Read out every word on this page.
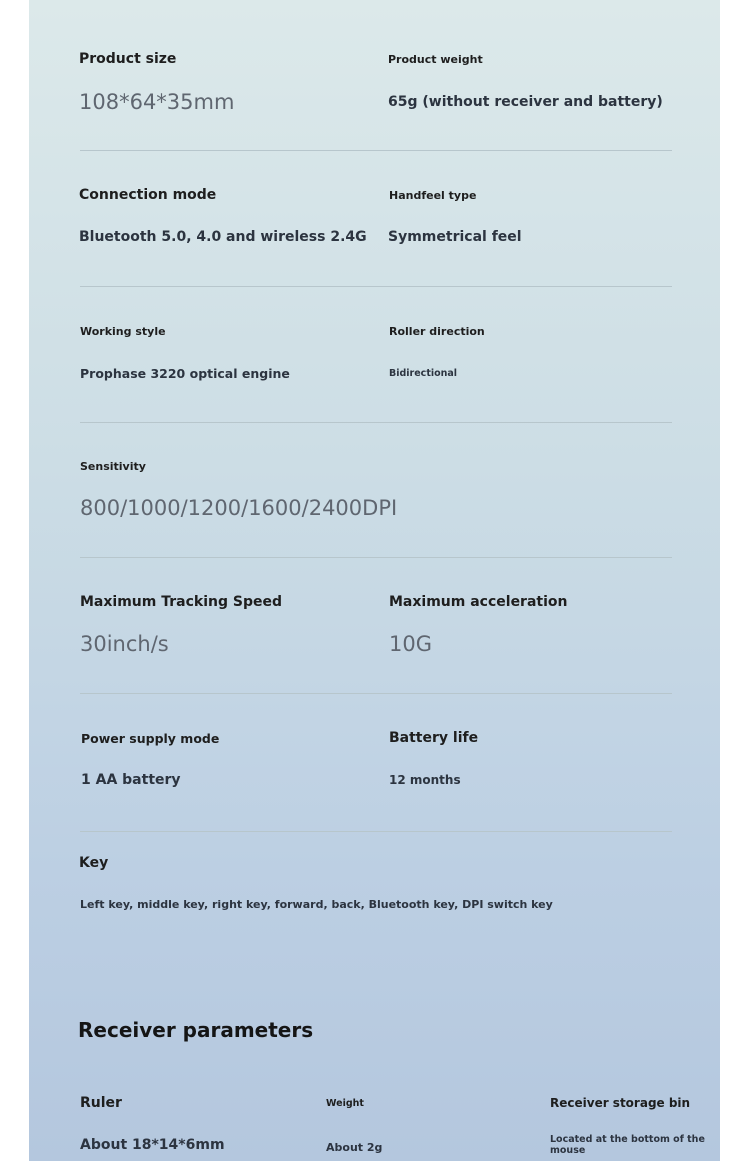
Product size
108*64*35mm
Product weight
65g (without receiver and battery)
Connection mode
Bluetooth 5.0, 4.0 and wireless 2.4G
Handfeel type
Symmetrical feel
Working style
Prophase 3220 optical engine
Roller direction
Bidirectional
Sensitivity
800/1000/1200/1600/2400DPI
Maximum Tracking Speed
30inch/s
Maximum acceleration
10G
Power supply mode
1 AA battery
Battery life
12 months
Key
Left key, middle key, right key, forward, back, Bluetooth key, DPI switch key
Receiver parameters
Ruler
About 18*14*6mm
Weight
About 2g
Receiver storage bin
Located at the bottom of the
mouse
